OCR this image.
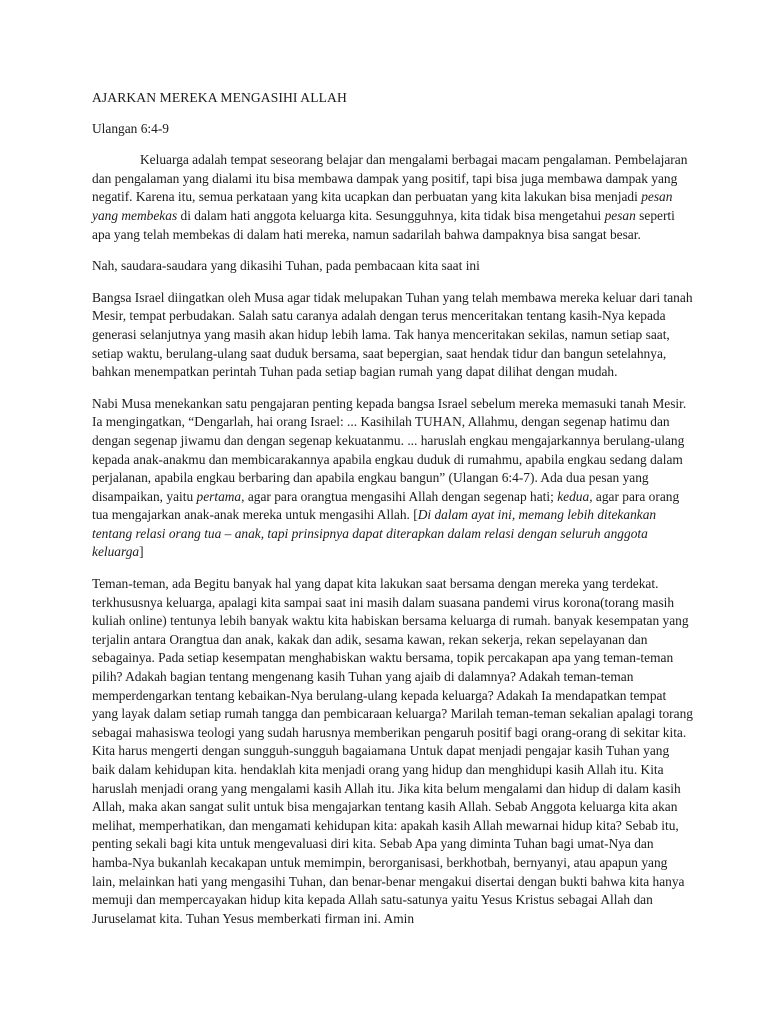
AJARKAN MEREKA MENGASIHI ALLAH
Ulangan 6:4-9

Keluarga adalah tempat seseorang belajar dan mengalami berbagai macam pengalaman. Pembelajaran dan pengalaman yang dialami itu bisa membawa dampak yang positif, tapi bisa juga membawa dampak yang negatif. Karena itu, semua perkataan yang kita ucapkan dan perbuatan yang kita lakukan bisa menjadi pesan yang membekas di dalam hati anggota keluarga kita. Sesungguhnya, kita tidak bisa mengetahui pesan seperti apa yang telah membekas di dalam hati mereka, namun sadarilah bahwa dampaknya bisa sangat besar.

Nah, saudara-saudara yang dikasihi Tuhan, pada pembacaan kita saat ini

Bangsa Israel diingatkan oleh Musa agar tidak melupakan Tuhan yang telah membawa mereka keluar dari tanah Mesir, tempat perbudakan. Salah satu caranya adalah dengan terus menceritakan tentang kasih-Nya kepada generasi selanjutnya yang masih akan hidup lebih lama. Tak hanya menceritakan sekilas, namun setiap saat, setiap waktu, berulang-ulang saat duduk bersama, saat bepergian, saat hendak tidur dan bangun setelahnya, bahkan menempatkan perintah Tuhan pada setiap bagian rumah yang dapat dilihat dengan mudah.

Nabi Musa menekankan satu pengajaran penting kepada bangsa Israel sebelum mereka memasuki tanah Mesir. Ia mengingatkan, “Dengarlah, hai orang Israel: ... Kasihilah TUHAN, Allahmu, dengan segenap hatimu dan dengan segenap jiwamu dan dengan segenap kekuatanmu. ... haruslah engkau mengajarkannya berulang-ulang kepada anak-anakmu dan membicarakannya apabila engkau duduk di rumahmu, apabila engkau sedang dalam perjalanan, apabila engkau berbaring dan apabila engkau bangun” (Ulangan 6:4-7). Ada dua pesan yang disampaikan, yaitu pertama, agar para orangtua mengasihi Allah dengan segenap hati; kedua, agar para orang tua mengajarkan anak-anak mereka untuk mengasihi Allah. [Di dalam ayat ini, memang lebih ditekankan tentang relasi orang tua – anak, tapi prinsipnya dapat diterapkan dalam relasi dengan seluruh anggota keluarga]

Teman-teman, ada Begitu banyak hal yang dapat kita lakukan saat bersama dengan mereka yang terdekat. terkhususnya keluarga, apalagi kita sampai saat ini masih dalam suasana pandemi virus korona(torang masih kuliah online) tentunya lebih banyak waktu kita habiskan bersama keluarga di rumah. banyak kesempatan yang terjalin antara Orangtua dan anak, kakak dan adik, sesama kawan, rekan sekerja, rekan sepelayanan dan sebagainya. Pada setiap kesempatan menghabiskan waktu bersama, topik percakapan apa yang teman-teman pilih? Adakah bagian tentang mengenang kasih Tuhan yang ajaib di dalamnya? Adakah teman-teman memperdengarkan tentang kebaikan-Nya berulang-ulang kepada keluarga? Adakah Ia mendapatkan tempat yang layak dalam setiap rumah tangga dan pembicaraan keluarga? Marilah teman-teman sekalian apalagi torang sebagai mahasiswa teologi yang sudah harusnya memberikan pengaruh positif bagi orang-orang di sekitar kita. Kita harus mengerti dengan sungguh-sungguh bagaiamana Untuk dapat menjadi pengajar kasih Tuhan yang baik dalam kehidupan kita. hendaklah kita menjadi orang yang hidup dan menghidupi kasih Allah itu. Kita haruslah menjadi orang yang mengalami kasih Allah itu. Jika kita belum mengalami dan hidup di dalam kasih Allah, maka akan sangat sulit untuk bisa mengajarkan tentang kasih Allah. Sebab Anggota keluarga kita akan melihat, memperhatikan, dan mengamati kehidupan kita: apakah kasih Allah mewarnai hidup kita? Sebab itu, penting sekali bagi kita untuk mengevaluasi diri kita. Sebab Apa yang diminta Tuhan bagi umat-Nya dan hamba-Nya bukanlah kecakapan untuk memimpin, berorganisasi, berkhotbah, bernyanyi, atau apapun yang lain, melainkan hati yang mengasihi Tuhan, dan benar-benar mengakui disertai dengan bukti bahwa kita hanya memuji dan mempercayakan hidup kita kepada Allah satu-satunya yaitu Yesus Kristus sebagai Allah dan Juruselamat kita. Tuhan Yesus memberkati firman ini. Amin
